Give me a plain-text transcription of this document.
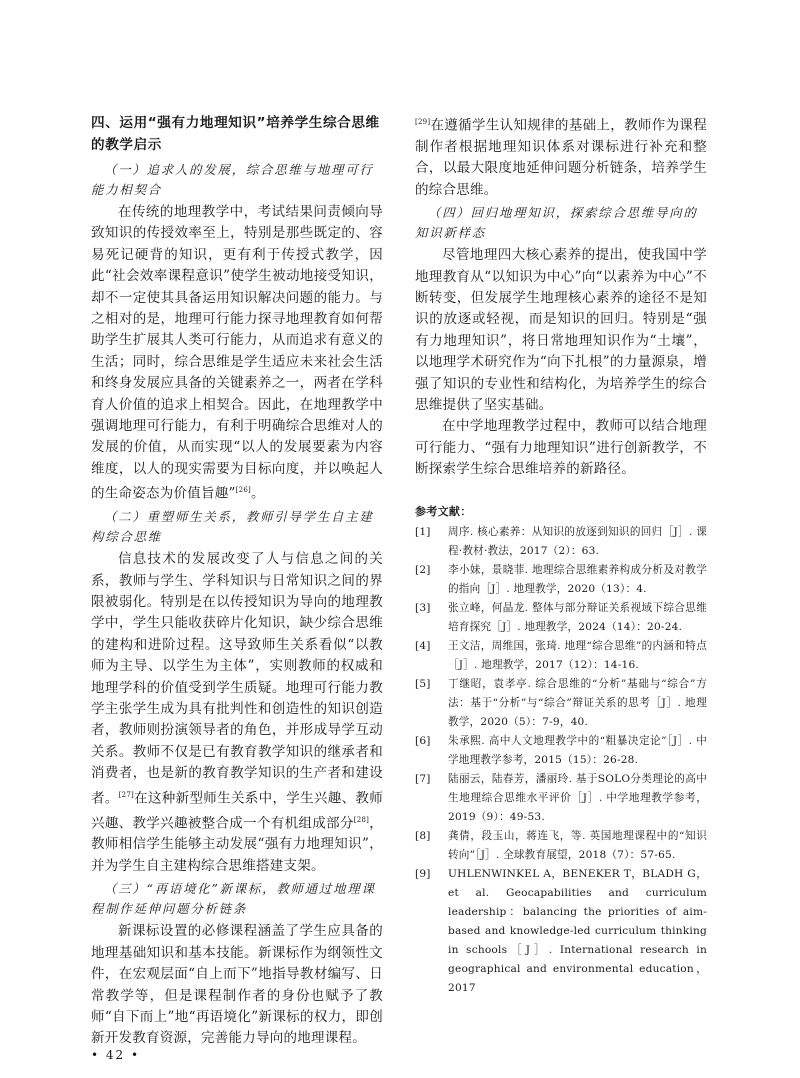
四、运用“强有力地理知识”培养学生综合思维的教学启示
（一）追求人的发展，综合思维与地理可行能力相契合

在传统的地理教学中，考试结果问责倾向导致知识的传授效率至上，特别是那些既定的、容易死记硬背的知识，更有利于传授式教学，因此“社会效率课程意识”使学生被动地接受知识，却不一定使其具备运用知识解决问题的能力。与之相对的是，地理可行能力探寻地理教育如何帮助学生扩展其人类可行能力，从而追求有意义的生活；同时，综合思维是学生适应未来社会生活和终身发展应具备的关键素养之一，两者在学科育人价值的追求上相契合。因此，在地理教学中强调地理可行能力，有利于明确综合思维对人的发展的价值，从而实现“以人的发展要素为内容维度，以人的现实需要为目标向度，并以唤起人的生命姿态为价值旨趣”[26]。

（二）重塑师生关系，教师引导学生自主建构综合思维

信息技术的发展改变了人与信息之间的关系，教师与学生、学科知识与日常知识之间的界限被弱化。特别是在以传授知识为导向的地理教学中，学生只能收获碎片化知识，缺少综合思维的建构和进阶过程。这导致师生关系看似“以教师为主导、以学生为主体”，实则教师的权威和地理学科的价值受到学生质疑。地理可行能力教学主张学生成为具有批判性和创造性的知识创造者，教师则扮演领导者的角色，并形成导学互动关系。教师不仅是已有教育教学知识的继承者和消费者，也是新的教育教学知识的生产者和建设者。[27]在这种新型师生关系中，学生兴趣、教师兴趣、教学兴趣被整合成一个有机组成部分[28]，教师相信学生能够主动发展“强有力地理知识”，并为学生自主建构综合思维搭建支架。

（三）“再语境化”新课标，教师通过地理课程制作延伸问题分析链条

新课标设置的必修课程涵盖了学生应具备的地理基础知识和基本技能。新课标作为纲领性文件，在宏观层面“自上而下”地指导教材编写、日常教学等，但是课程制作者的身份也赋予了教师“自下而上”地“再语境化”新课标的权力，即创新开发教育资源，完善能力导向的地理课程。

[29]在遵循学生认知规律的基础上，教师作为课程制作者根据地理知识体系对课标进行补充和整合，以最大限度地延伸问题分析链条，培养学生的综合思维。

（四）回归地理知识，探索综合思维导向的知识新样态

尽管地理四大核心素养的提出，使我国中学地理教育从“以知识为中心”向“以素养为中心”不断转变，但发展学生地理核心素养的途径不是知识的放逐或轻视，而是知识的回归。特别是“强有力地理知识”，将日常地理知识作为“土壤”，以地理学术研究作为“向下扎根”的力量源泉，增强了知识的专业性和结构化，为培养学生的综合思维提供了坚实基础。

在中学地理教学过程中，教师可以结合地理可行能力、“强有力地理知识”进行创新教学，不断探索学生综合思维培养的新路径。

参考文献：
[1] 周序. 核心素养：从知识的放逐到知识的回归［J］. 课程·教材·教法，2017（2）：63.
[2] 李小妹，景晓菲. 地理综合思维素养构成分析及对教学的指向［J］. 地理教学，2020（13）：4.
[3] 张立峰，何晶龙. 整体与部分辩证关系视域下综合思维培育探究［J］. 地理教学，2024（14）：20-24.
[4] 王文洁，周维国，张琦. 地理“综合思维”的内涵和特点［J］. 地理教学，2017（12）：14-16.
[5] 丁继昭，袁孝亭. 综合思维的“分析”基础与“综合”方法：基于“分析”与“综合”辩证关系的思考［J］. 地理教学，2020（5）：7-9，40.
[6] 朱承熙. 高中人文地理教学中的“粗暴决定论”［J］. 中学地理教学参考，2015（15）：26-28.
[7] 陆丽云，陆春芳，潘丽玲. 基于SOLO分类理论的高中生地理综合思维水平评价［J］. 中学地理教学参考，2019（9）：49-53.
[8] 龚倩，段玉山，蒋连飞，等. 英国地理课程中的“知识转向”［J］. 全球教育展望，2018（7）：57-65.
[9] UHLENWINKEL A，BENEKER T，BLADH G，et al. Geocapabilities and curriculum leadership：balancing the priorities of aim-based and knowledge-led curriculum thinking in schools［J］. International research in geographical and environmental education，2017
• 42 •
